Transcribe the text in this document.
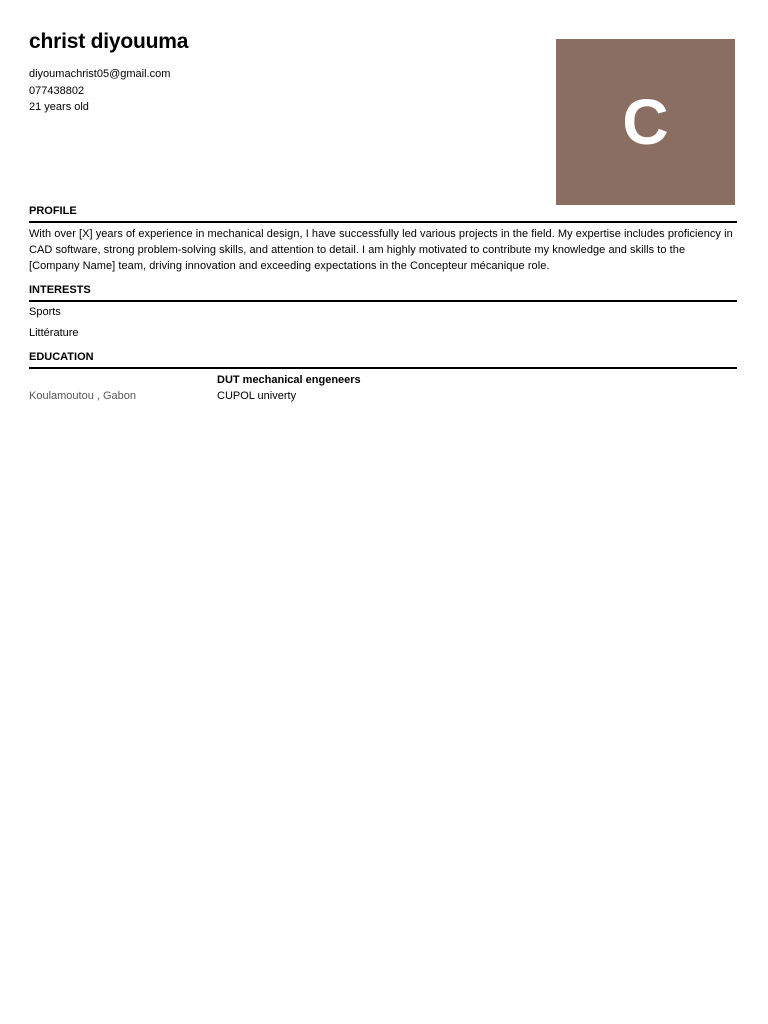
christ diyouuma
diyoumachrist05@gmail.com
077438802
21 years old	C
PROFILE
With over [X] years of experience in mechanical design, I have successfully led various projects in the field. My expertise includes proficiency in CAD software, strong problem-solving skills, and attention to detail. I am highly motivated to contribute my knowledge and skills to the [Company Name] team, driving innovation and exceeding expectations in the Concepteur mécanique role.
INTERESTS
Sports
Littérature
EDUCATION
DUT mechanical engeneers
CUPOL univerty
Koulamoutou , Gabon
